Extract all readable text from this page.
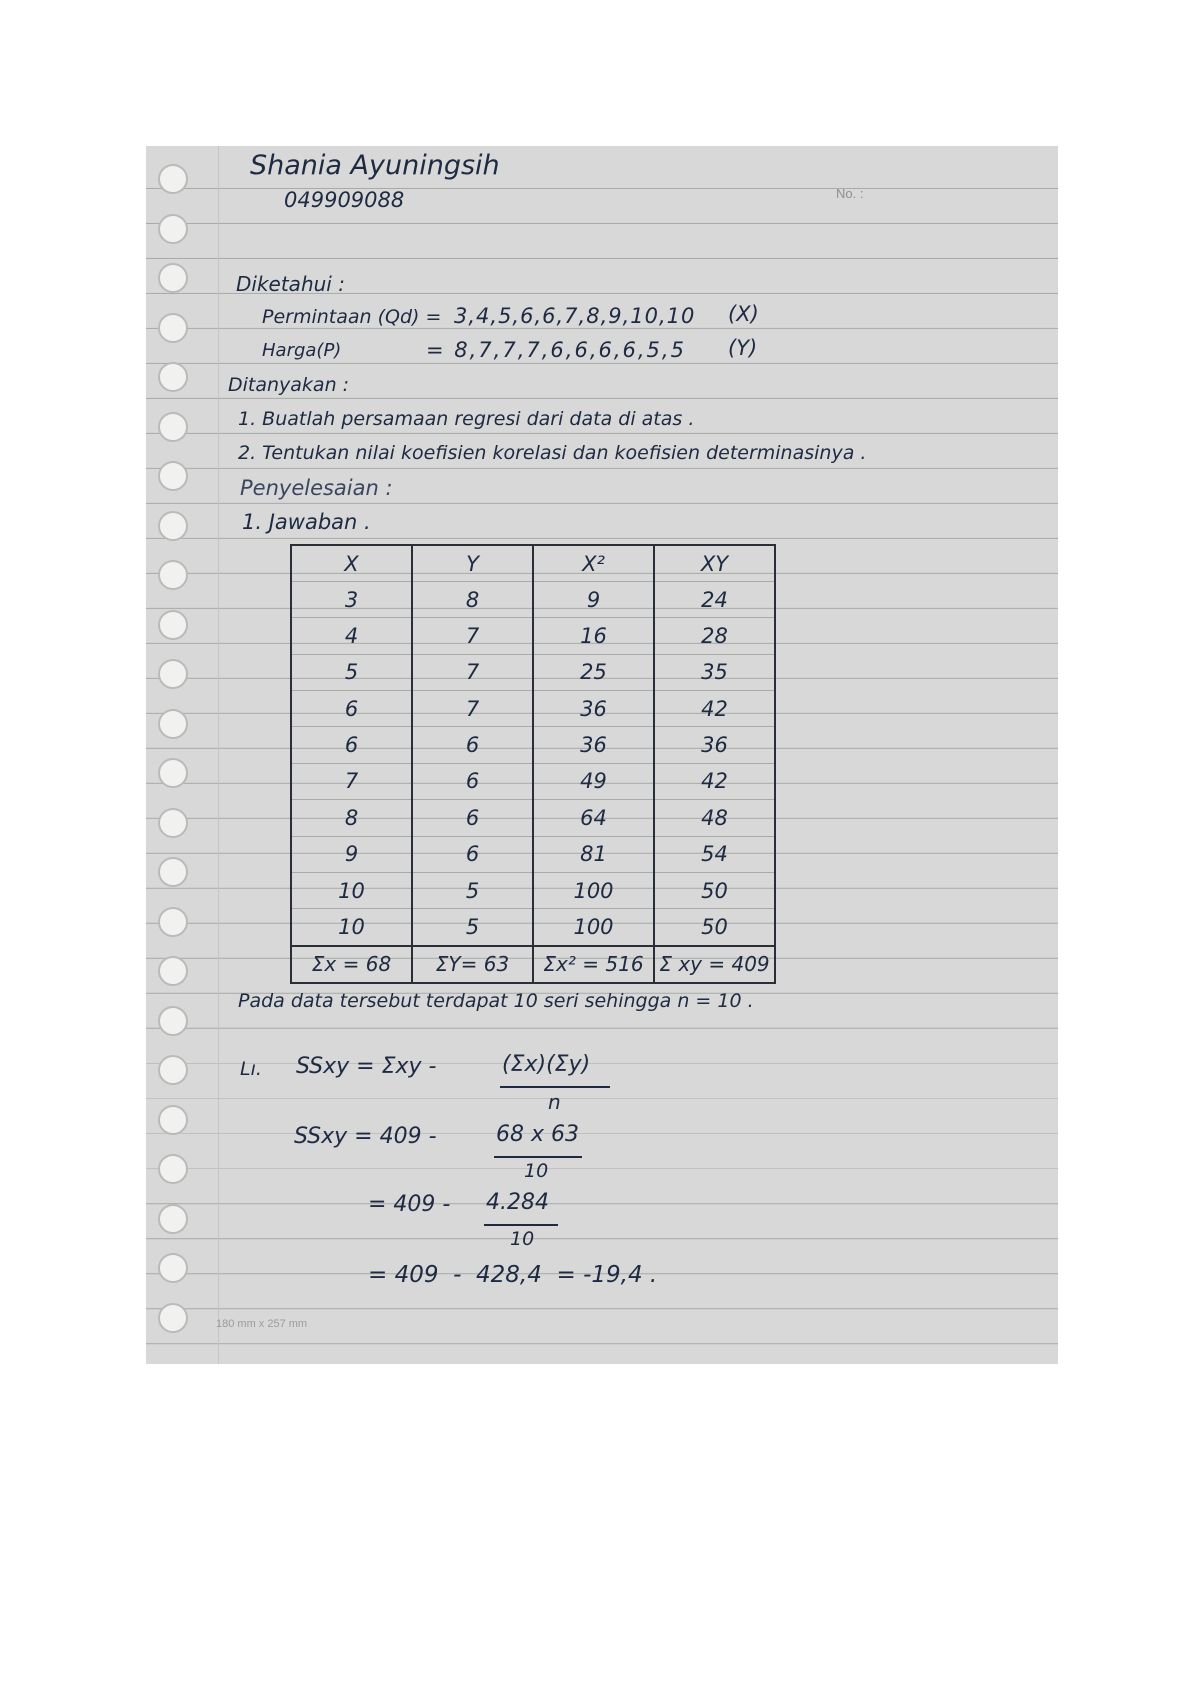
Shania Ayuningsih
049909088	No. :
Diketahui :
Permintaan (Qd) = 3,4,5,6,6,7,8,9,10,10 (X)
Harga(P)	= 8,7,7,7,6,6,6,6,5,5 (Y)
Ditanyakan :
1. Buatlah persamaan regresi dari data di atas .
2. Tentukan nilai koefisien korelasi dan koefisien determinasinya .
Penyelesaian :
1. Jawaban .
X	Y	X²	XY
3	8	9	24
4	7	16	28
5	7	25	35
6	7	36	42
6	6	36	36
7	6	49	42
8	6	64	48
9	6	81	54
10	5	100	50
10	5	100	50
Σx = 68	ΣY= 63	Σx² = 516	Σ xy = 409
Pada data tersebut terdapat 10 seri sehingga n = 10 .
Lı. SSxy = Σxy -	(Σx)(Σy)
n
SSxy = 409 -	68 x 63
10
= 409 - 4.284
10
= 409  -  428,4  = -19,4 .
180 mm x 257 mm
